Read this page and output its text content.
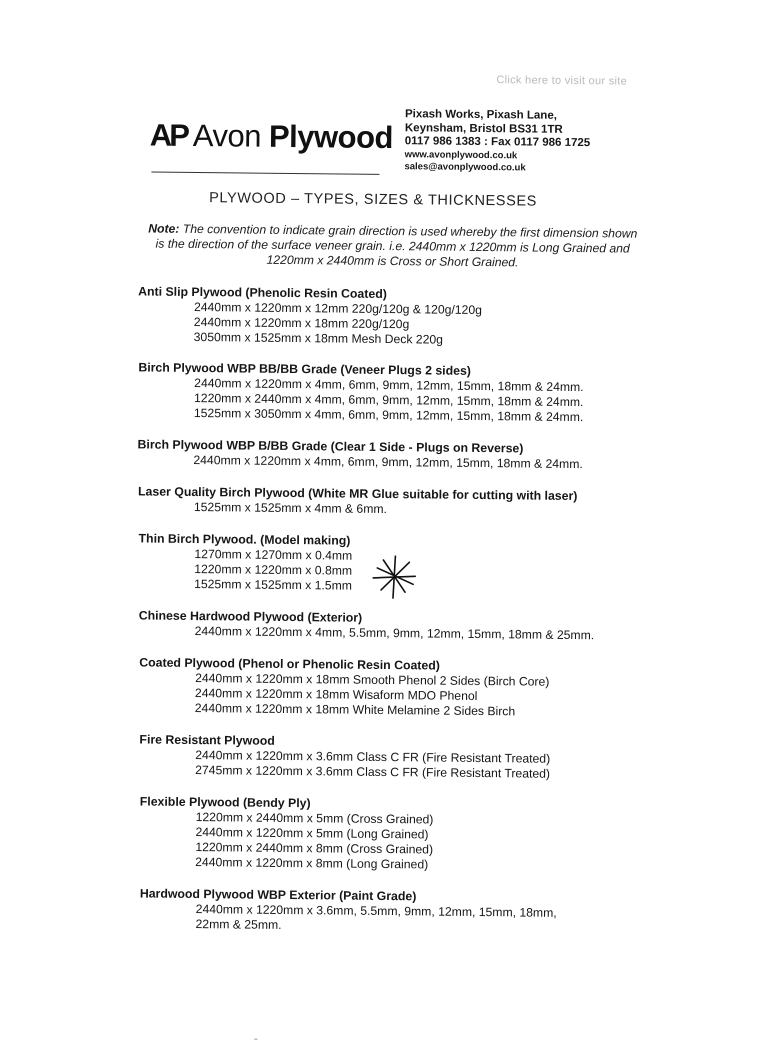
Click here to visit our site
AP Avon Plywood
Pixash Works, Pixash Lane,
Keynsham, Bristol BS31 1TR
0117 986 1383 : Fax 0117 986 1725
www.avonplywood.co.uk
sales@avonplywood.co.uk
PLYWOOD – TYPES, SIZES & THICKNESSES
Note: The convention to indicate grain direction is used whereby the first dimension shown is the direction of the surface veneer grain. i.e. 2440mm x 1220mm is Long Grained and 1220mm x 2440mm is Cross or Short Grained.
Anti Slip Plywood (Phenolic Resin Coated)
2440mm x 1220mm x 12mm 220g/120g & 120g/120g
2440mm x 1220mm x 18mm 220g/120g
3050mm x 1525mm x 18mm Mesh Deck 220g
Birch Plywood WBP BB/BB Grade (Veneer Plugs 2 sides)
2440mm x 1220mm x 4mm, 6mm, 9mm, 12mm, 15mm, 18mm & 24mm.
1220mm x 2440mm x 4mm, 6mm, 9mm, 12mm, 15mm, 18mm & 24mm.
1525mm x 3050mm x 4mm, 6mm, 9mm, 12mm, 15mm, 18mm & 24mm.
Birch Plywood WBP B/BB Grade (Clear 1 Side - Plugs on Reverse)
2440mm x 1220mm x 4mm, 6mm, 9mm, 12mm, 15mm, 18mm & 24mm.
Laser Quality Birch Plywood (White MR Glue suitable for cutting with laser)
1525mm x 1525mm x 4mm & 6mm.
Thin Birch Plywood. (Model making)
1270mm x 1270mm x 0.4mm
1220mm x 1220mm x 0.8mm
1525mm x 1525mm x 1.5mm
Chinese Hardwood Plywood (Exterior)
2440mm x 1220mm x 4mm, 5.5mm, 9mm, 12mm, 15mm, 18mm & 25mm.
Coated Plywood (Phenol or Phenolic Resin Coated)
2440mm x 1220mm x 18mm Smooth Phenol 2 Sides (Birch Core)
2440mm x 1220mm x 18mm Wisaform MDO Phenol
2440mm x 1220mm x 18mm White Melamine 2 Sides Birch
Fire Resistant Plywood
2440mm x 1220mm x 3.6mm Class C FR (Fire Resistant Treated)
2745mm x 1220mm x 3.6mm Class C FR (Fire Resistant Treated)
Flexible Plywood (Bendy Ply)
1220mm x 2440mm x 5mm (Cross Grained)
2440mm x 1220mm x 5mm (Long Grained)
1220mm x 2440mm x 8mm (Cross Grained)
2440mm x 1220mm x 8mm (Long Grained)
Hardwood Plywood WBP Exterior (Paint Grade)
2440mm x 1220mm x 3.6mm, 5.5mm, 9mm, 12mm, 15mm, 18mm,
22mm & 25mm.
